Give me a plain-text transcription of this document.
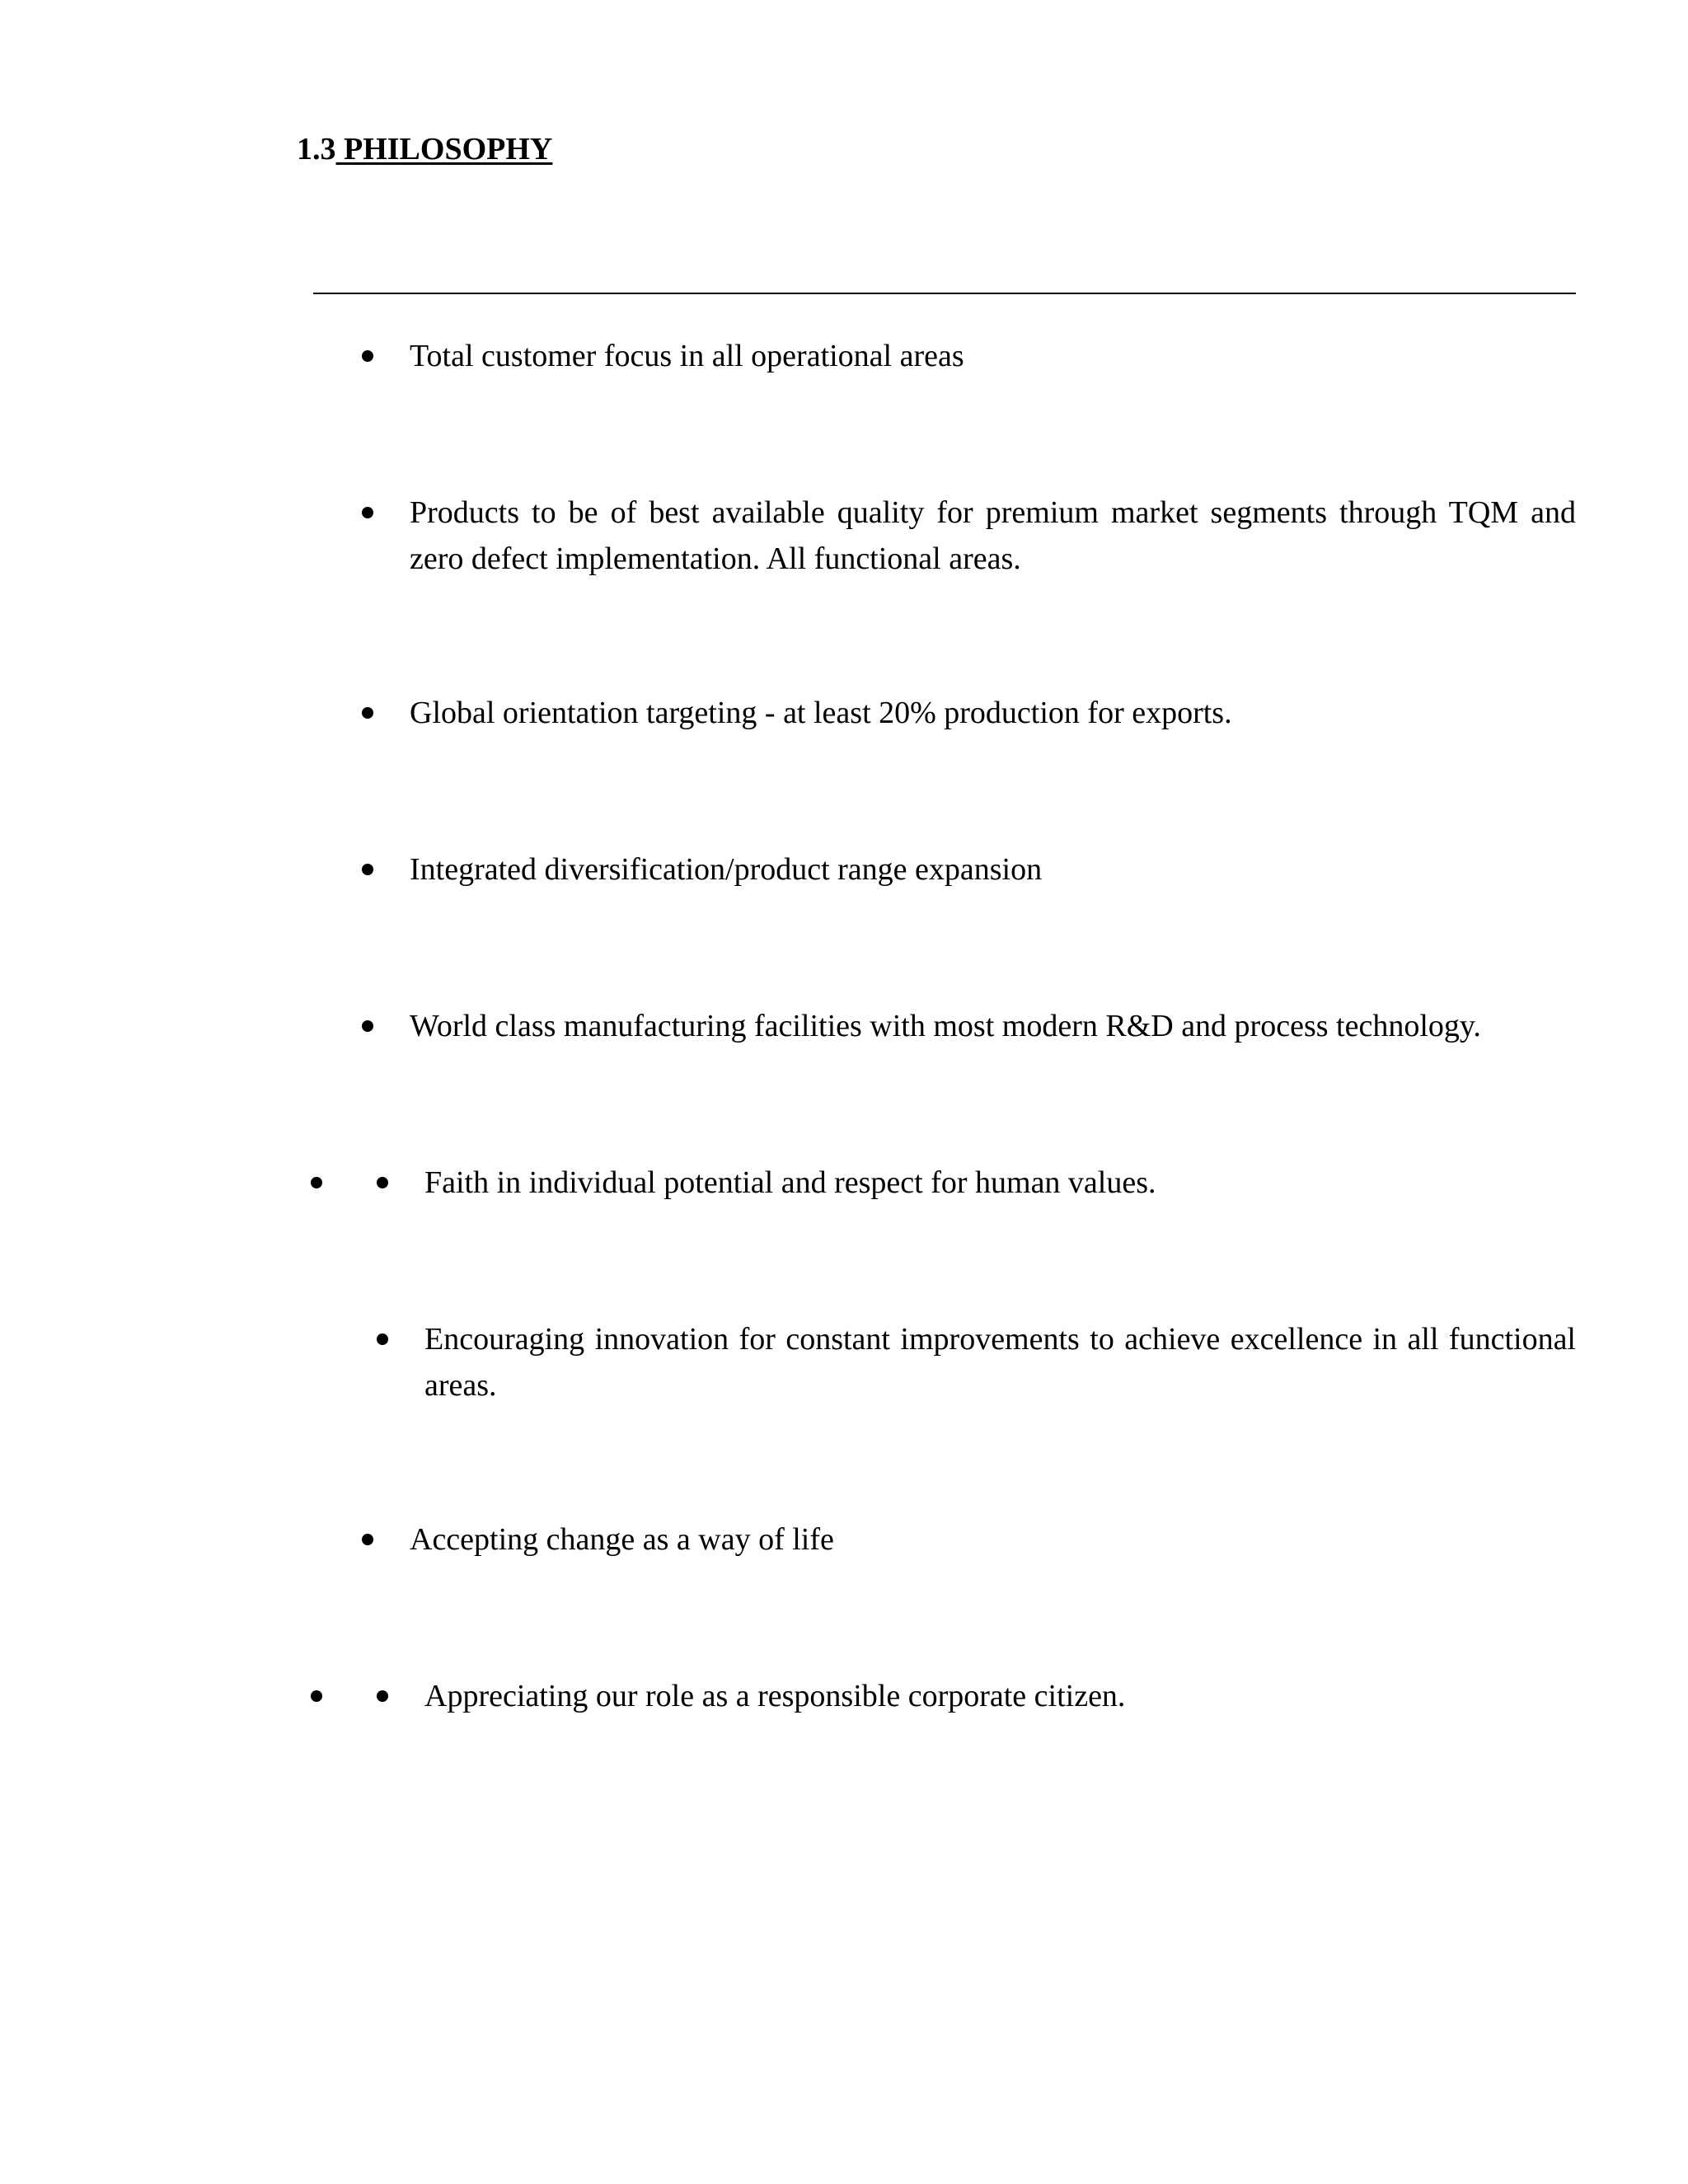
1.3 PHILOSOPHY
Total customer focus in all operational areas
Products to be of best available quality for premium market segments through TQM and zero defect implementation. All functional areas.
Global orientation targeting - at least 20% production for exports.
Integrated diversification/product range expansion
World class manufacturing facilities with most modern R&D and process technology.
Faith in individual potential and respect for human values.
Encouraging innovation for constant improvements to achieve excellence in all functional areas.
Accepting change as a way of life
Appreciating our role as a responsible corporate citizen.
